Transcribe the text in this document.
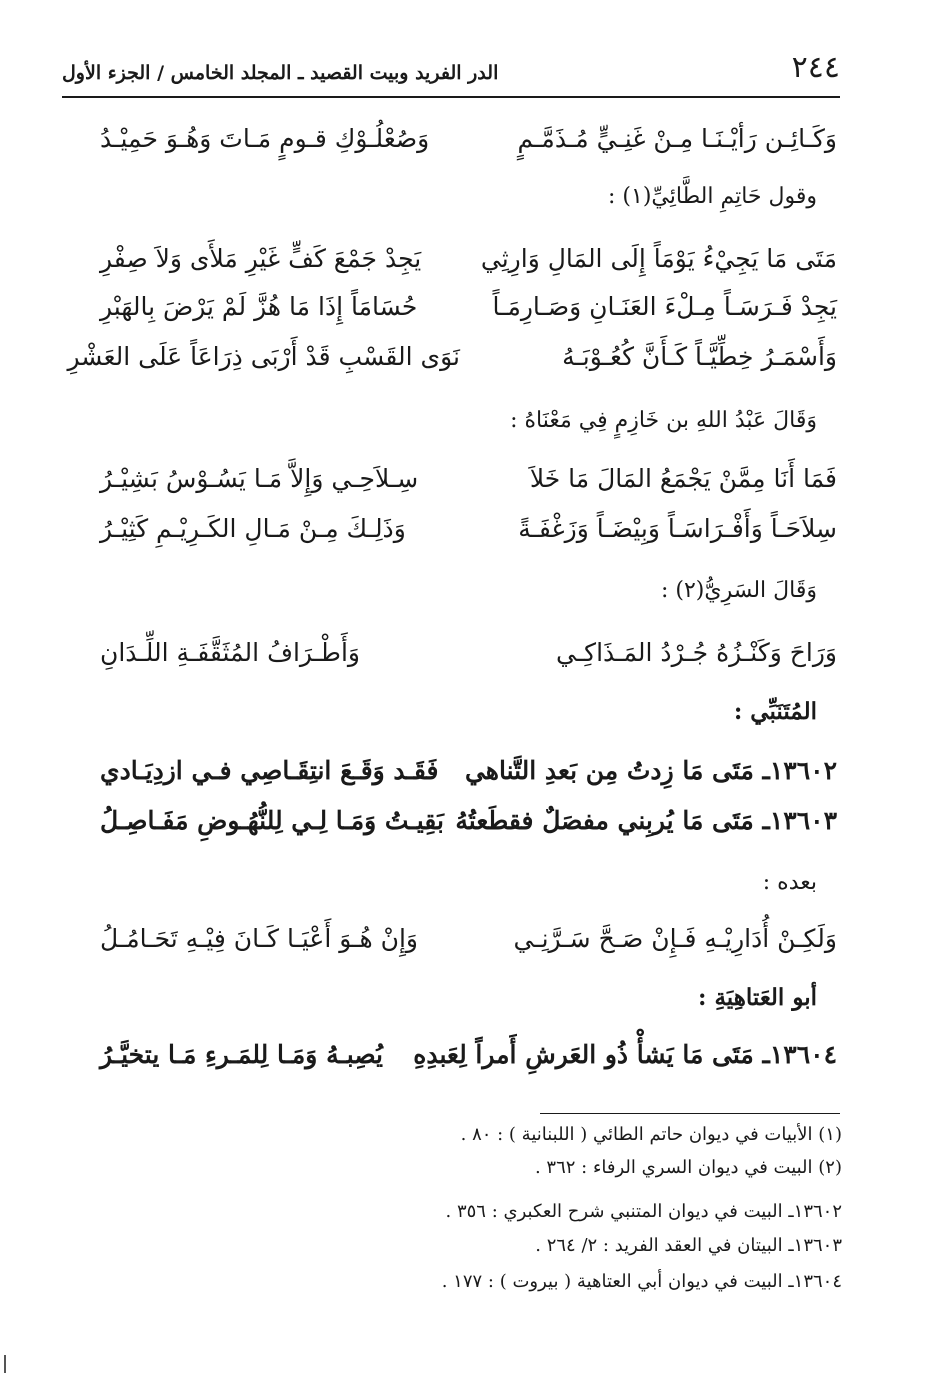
٢٤٤
الدر الفريد وبيت القصيد ـ المجلد الخامس / الجزء الأول
وَكَـائِـن رَأيْـنَـا مِـنْ غَنِـيٍّ مُـذَمَّـمٍ
وَصُعْلُـوْكِ قـومٍ مَـاتَ وَهُـوَ حَمِيْـدُ
وقول حَاتِمِ الطَّائِيِّ(١) :
مَتَى مَا يَجِيْءُ يَوْمَاً إِلَى المَالِ وَارِثِي
يَجِدْ جَمْعَ كَفٍّ غَيْرِ مَلأَى وَلاَ صِفْرِ
يَجِدْ فَـرَسَـاً مِـلْءَ العَنَـانِ وَصَـارِمَـاً
حُسَامَاً إِذَا مَا هُزَّ لَمْ يَرْضَ بِالهَبْرِ
وَأَسْمَـرُ خِطِّيَّـاً كَـأَنَّ كُعُـوْبَـهُ
نَوَى القَسْبِ قَدْ أَرْبَى ذِرَاعَاً عَلَى العَشْرِ
وَقَالَ عَبْدُ اللهِ بن خَازِمٍ فِي مَعْنَاهُ :
فَمَا أَنَا مِمَّنْ يَجْمَعُ المَالَ مَا خَلاَ
سِـلاَحِـي وَإِلاَّ مَـا يَسُـوْسُ بَشِيْـرُ
سِلاَحَـاً وَأَفْـرَاسَـاً وَبِيْضَـاً وَزَغْفَـةً
وَذَلِـكَ مِـنْ مَـالِ الكَـرِيْـمِ كَثِيْـرُ
وَقَالَ السَرِيُّ(٢) :
وَرَاحَ وَكَنْـزُهُ جُـرْدُ المَـذَاكِـي
وَأَطْـرَافُ المُثَقَّفَـةِ اللِّـدَانِ
المُتَنَبِّي :
١٣٦٠٢ـ مَتَى مَا زِدتُ مِن بَعدِ التَّناهي
فَقَـد وَقَـعَ انتِقَـاصِي فـي ازدِيَـادي
١٣٦٠٣ـ مَتَى مَا يُربِني مفصَلٌ فقطَعتُهُ
بَقِيـتُ وَمَـا لِـي لِلنُّهُـوضِ مَفَـاصِـلُ
بعده :
وَلَكِـنْ أُدَارِيْـهِ فَـإِنْ صَـحَّ سَـرَّنِـي
وَإِنْ هُـوَ أَعْيَـا كَـانَ فِيْـهِ تَحَـامُـلُ
أبو العَتاهِيَةِ :
١٣٦٠٤ـ مَتَى مَا يَشأْ ذُو العَرشِ أَمراً لِعَبدِهِ
يُصِبـهُ وَمَـا لِلمَـرءِ مَـا يتخيَّـرُ
(١) الأبيات في ديوان حاتم الطائي ( اللبنانية ) : ٨٠ .
(٢) البيت في ديوان السري الرفاء : ٣٦٢ .
١٣٦٠٢ـ البيت في ديوان المتنبي شرح العكبري : ٣٥٦ .
١٣٦٠٣ـ البيتان في العقد الفريد : ٢/ ٢٦٤ .
١٣٦٠٤ـ البيت في ديوان أبي العتاهية ( بيروت ) : ١٧٧ .
